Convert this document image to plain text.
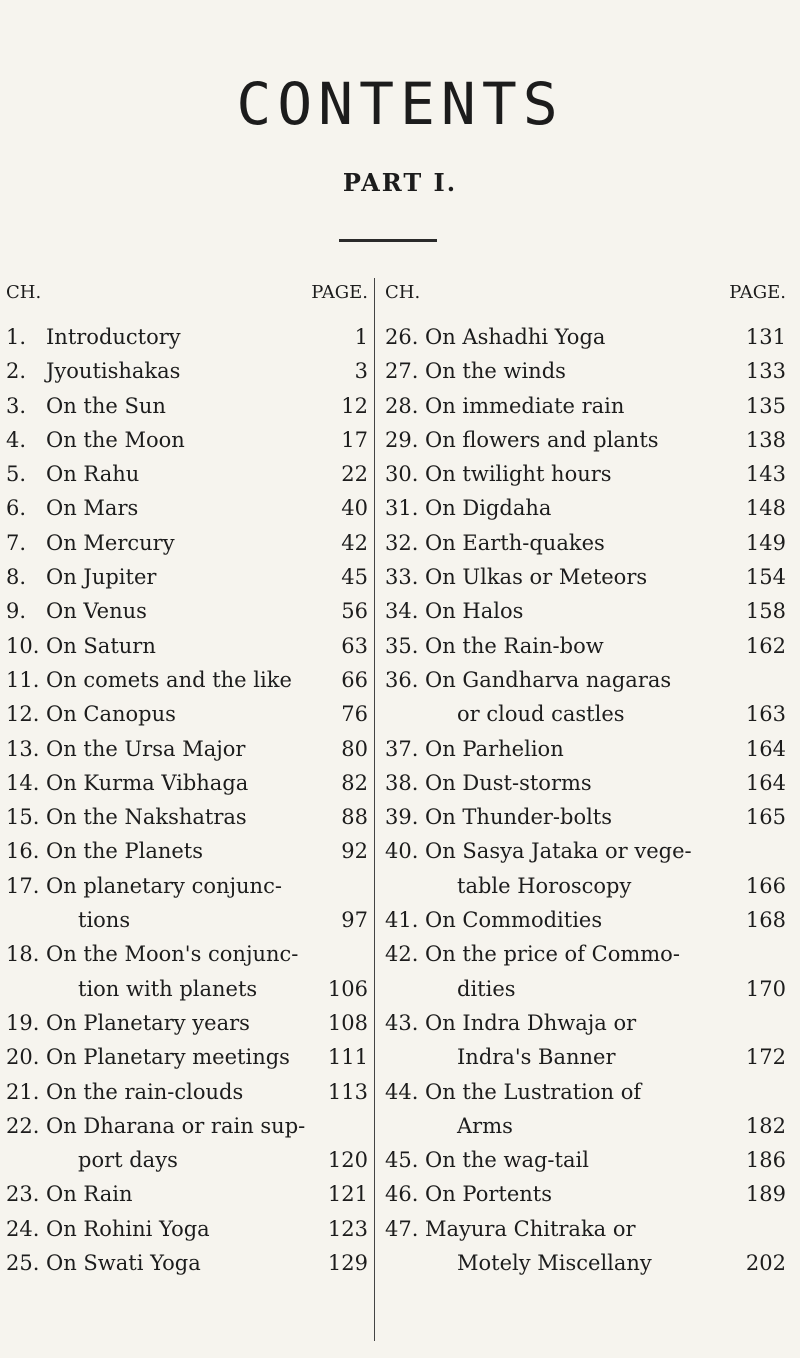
CONTENTS
PART I.
CH.	PAGE.
1. Introductory	1
2. Jyoutishakas	3
3. On the Sun	12
4. On the Moon	17
5. On Rahu	22
6. On Mars	40
7. On Mercury	42
8. On Jupiter	45
9. On Venus	56
10. On Saturn	63
11. On comets and the like 66
12. On Canopus	76
13. On the Ursa Major	80
14. On Kurma Vibhaga	82
15. On the Nakshatras	88
16. On the Planets	92
17. On planetary conjunc-
tions	97
18. On the Moon's conjunc-
tion with planets	106
19. On Planetary years	108
20. On Planetary meetings 111
21. On the rain-clouds	113
22. On Dharana or rain sup-
port days	120
23. On Rain	121
24. On Rohini Yoga	123
25. On Swati Yoga	129
CH.	PAGE.
26. On Ashadhi Yoga	131
27. On the winds	133
28. On immediate rain	135
29. On flowers and plants	138
30. On twilight hours	143
31. On Digdaha	148
32. On Earth-quakes	149
33. On Ulkas or Meteors	154
34. On Halos	158
35. On the Rain-bow	162
36. On Gandharva nagaras
or cloud castles	163
37. On Parhelion	164
38. On Dust-storms	164
39. On Thunder-bolts	165
40. On Sasya Jataka or vege-
table Horoscopy	166
41. On Commodities	168
42. On the price of Commo-
dities	170
43. On Indra Dhwaja or
Indra's Banner	172
44. On the Lustration of
Arms	182
45. On the wag-tail	186
46. On Portents	189
47. Mayura Chitraka or
Motely Miscellany	202
